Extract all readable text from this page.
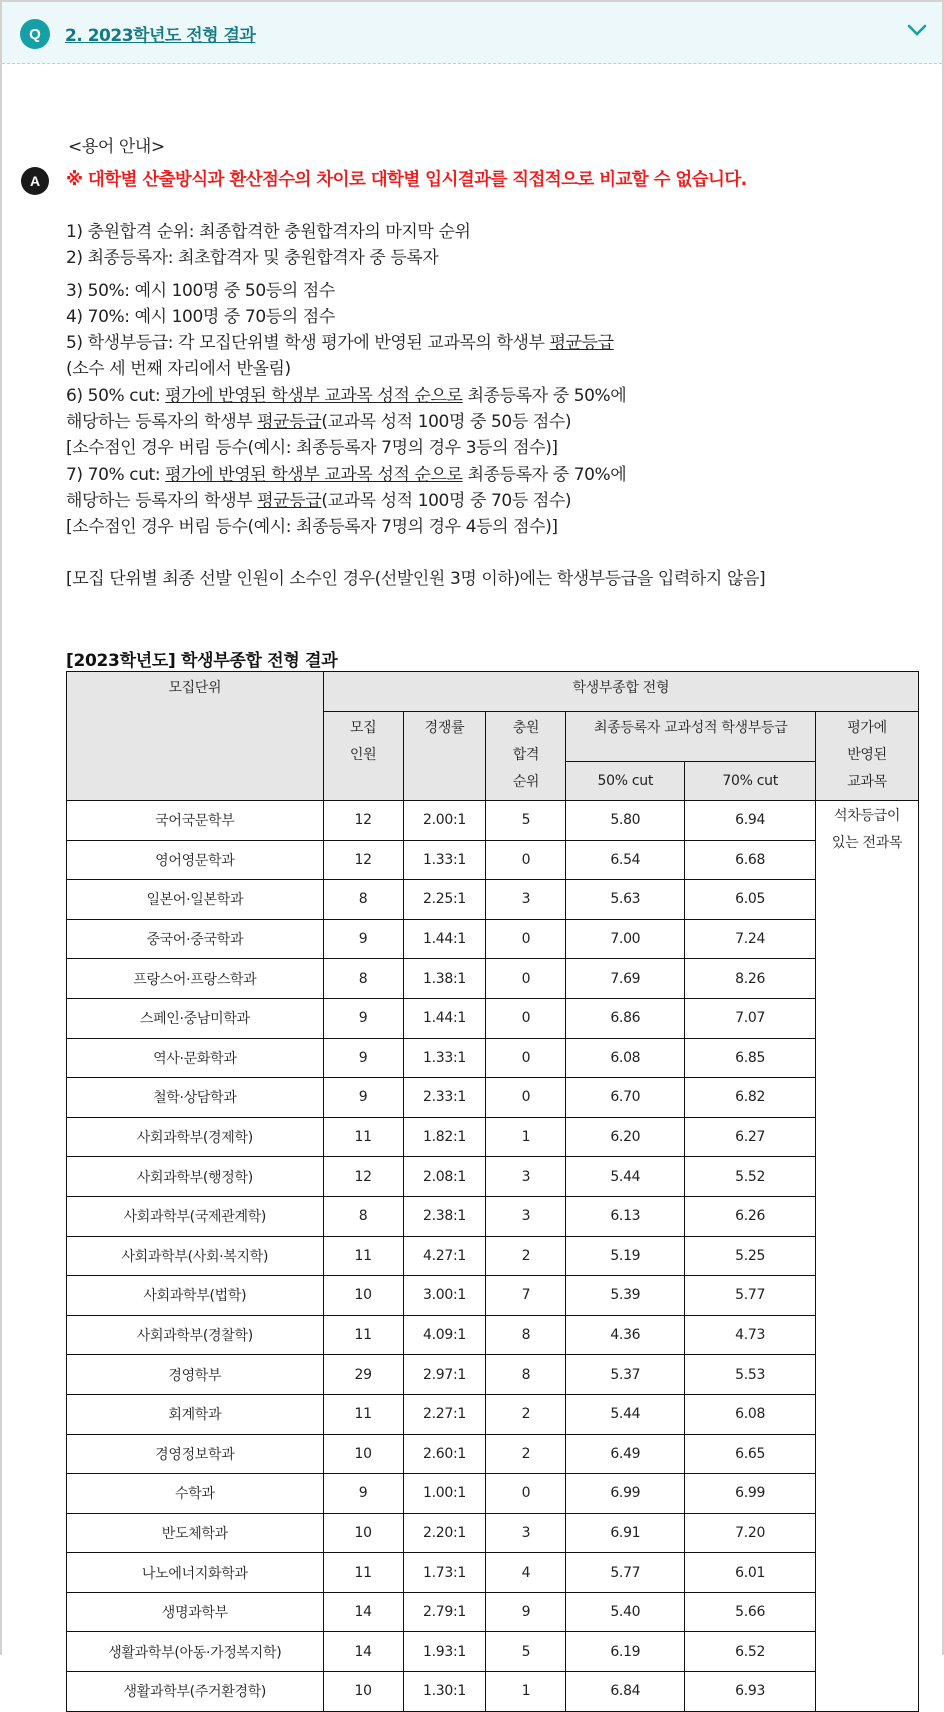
Q	2. 2023학년도 전형 결과
A
<용어 안내>
※ 대학별 산출방식과 환산점수의 차이로 대학별 입시결과를 직접적으로 비교할 수 없습니다.
1) 충원합격 순위: 최종합격한 충원합격자의 마지막 순위
2) 최종등록자: 최초합격자 및 충원합격자 중 등록자
3) 50%: 예시 100명 중 50등의 점수
4) 70%: 예시 100명 중 70등의 점수
5) 학생부등급: 각 모집단위별 학생 평가에 반영된 교과목의 학생부 평균등급
(소수 세 번째 자리에서 반올림)
6) 50% cut: 평가에 반영된 학생부 교과목 성적 순으로 최종등록자 중 50%에
해당하는 등록자의 학생부 평균등급(교과목 성적 100명 중 50등 점수)
[소수점인 경우 버림 등수(예시: 최종등록자 7명의 경우 3등의 점수)]
7) 70% cut: 평가에 반영된 학생부 교과목 성적 순으로 최종등록자 중 70%에
해당하는 등록자의 학생부 평균등급(교과목 성적 100명 중 70등 점수)
[소수점인 경우 버림 등수(예시: 최종등록자 7명의 경우 4등의 점수)]
[모집 단위별 최종 선발 인원이 소수인 경우(선발인원 3명 이하)에는 학생부등급을 입력하지 않음]
[2023학년도] 학생부종합 전형 결과
모집단위	학생부종합 전형					
	모집
인원	경쟁률	충원
합격
순위	최종등록자 교과성적 학생부등급		평가에
반영된
교과목
				50% cut	70% cut	
국어국문학부	12	2.00:1	5	5.80	6.94	석차등급이
있는 전과목
영어영문학과	12	1.33:1	0	6.54	6.68	
일본어·일본학과	8	2.25:1	3	5.63	6.05	
중국어·중국학과	9	1.44:1	0	7.00	7.24	
프랑스어·프랑스학과	8	1.38:1	0	7.69	8.26	
스페인·중남미학과	9	1.44:1	0	6.86	7.07	
역사·문화학과	9	1.33:1	0	6.08	6.85	
철학·상담학과	9	2.33:1	0	6.70	6.82	
사회과학부(경제학)	11	1.82:1	1	6.20	6.27	
사회과학부(행정학)	12	2.08:1	3	5.44	5.52	
사회과학부(국제관계학)	8	2.38:1	3	6.13	6.26	
사회과학부(사회·복지학)	11	4.27:1	2	5.19	5.25	
사회과학부(법학)	10	3.00:1	7	5.39	5.77	
사회과학부(경찰학)	11	4.09:1	8	4.36	4.73	
경영학부	29	2.97:1	8	5.37	5.53	
회계학과	11	2.27:1	2	5.44	6.08	
경영정보학과	10	2.60:1	2	6.49	6.65	
수학과	9	1.00:1	0	6.99	6.99	
반도체학과	10	2.20:1	3	6.91	7.20	
나노에너지화학과	11	1.73:1	4	5.77	6.01	
생명과학부	14	2.79:1	9	5.40	5.66	
생활과학부(아동·가정복지학)	14	1.93:1	5	6.19	6.52	
생활과학부(주거환경학)	10	1.30:1	1	6.84	6.93	
